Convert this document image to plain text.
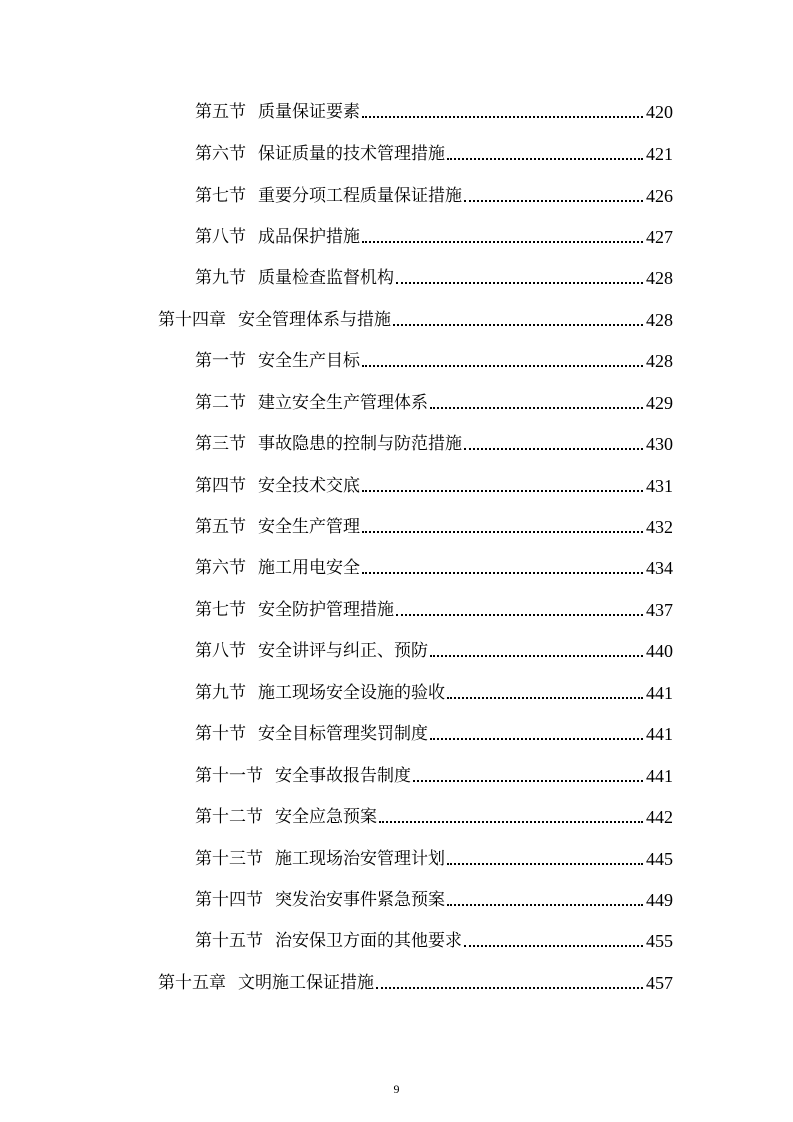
第五节 质量保证要素	420
第六节 保证质量的技术管理措施	421
第七节 重要分项工程质量保证措施	426
第八节 成品保护措施	427
第九节 质量检查监督机构	428
第十四章 安全管理体系与措施	428
第一节 安全生产目标	428
第二节 建立安全生产管理体系	429
第三节 事故隐患的控制与防范措施	430
第四节 安全技术交底	431
第五节 安全生产管理	432
第六节 施工用电安全	434
第七节 安全防护管理措施	437
第八节 安全讲评与纠正、预防	440
第九节 施工现场安全设施的验收	441
第十节 安全目标管理奖罚制度	441
第十一节 安全事故报告制度	441
第十二节 安全应急预案	442
第十三节 施工现场治安管理计划	445
第十四节 突发治安事件紧急预案	449
第十五节 治安保卫方面的其他要求	455
第十五章 文明施工保证措施	457
9
